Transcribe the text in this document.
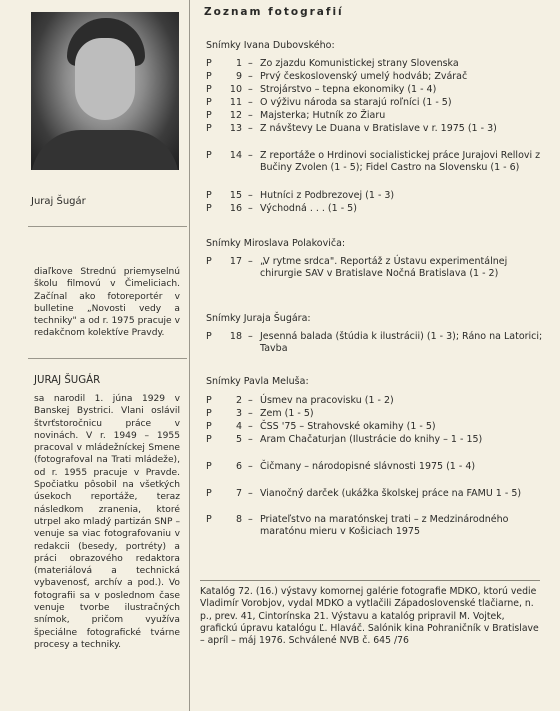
Juraj Šugár

diaľkove Strednú priemyselnú školu filmovú v Čimeliciach. Začínal ako fotoreportér v bulletine „Novosti vedy a techniky" a od r. 1975 pracuje v redakčnom kolektíve Pravdy.

JURAJ ŠUGÁR

sa narodil 1. júna 1929 v Banskej Bystrici. Vlani oslávil štvrťstoročnicu práce v novinách. V r. 1949 – 1955 pracoval v mládežníckej Smene (fotografoval na Trati mládeže), od r. 1955 pracuje v Pravde. Spočiatku pôsobil na všetkých úsekoch reportáže, teraz následkom zranenia, ktoré utrpel ako mladý partizán SNP – venuje sa viac fotografovaniu v redakcii (besedy, portréty) a práci obrazového redaktora (materiálová a technická vybavenosť, archív a pod.). Vo fotografii sa v poslednom čase venuje tvorbe ilustračných snímok, pričom využíva špeciálne fotografické tvárne procesy a techniky.

Zoznam fotografií

Snímky Ivana Dubovského:

P	1 – Zo zjazdu Komunistickej strany Slovenska
P	9 – Prvý československý umelý hodváb; Zvárač
P	10 – Strojárstvo – tepna ekonomiky (1 - 4)
P	11 – O výživu národa sa starajú roľníci (1 - 5)
P	12 – Majsterka; Hutník zo Žiaru
P	13 – Z návštevy Le Duana v Bratislave v r. 1975 (1 - 3)
P	14 – Z reportáže o Hrdinovi socialistickej práce Jurajovi Rellovi z Bučiny Zvolen (1 - 5); Fidel Castro na Slovensku (1 - 6)
P	15 – Hutníci z Podbrezovej (1 - 3)
P	16 – Východná . . . (1 - 5)

Snímky Miroslava Polakoviča:

P	17 – „V rytme srdca". Reportáž z Ústavu experimentálnej chirurgie SAV v Bratislave Nočná Bratislava (1 - 2)

Snímky Juraja Šugára:

P	18 – Jesenná balada (štúdia k ilustrácii) (1 - 3); Ráno na Latorici; Tavba

Snímky Pavla Meluša:

P	2 – Úsmev na pracovisku (1 - 2)
P	3 – Zem (1 - 5)
P	4 – ČSS '75 – Strahovské okamihy (1 - 5)
P	5 – Aram Chačaturjan (Ilustrácie do knihy – 1 - 15)
P	6 – Čičmany – národopisné slávnosti 1975 (1 - 4)
P	7 – Vianočný darček (ukážka školskej práce na FAMU 1 - 5)
P	8 – Priateľstvo na maratónskej trati – z Medzinárodného maratónu mieru v Košiciach 1975
Katalóg 72. (16.) výstavy komornej galérie fotografie MDKO, ktorú vedie Vladimír Vorobjov, vydal MDKO a vytlačili Západoslovenské tlačiarne, n. p., prev. 41, Cintorínska 21. Výstavu a katalóg pripravil M. Vojtek, grafickú úpravu katalógu Ľ. Hlaváč. Salónik kina Pohraničník v Bratislave – apríl – máj 1976. Schválené NVB č. 645 /76
